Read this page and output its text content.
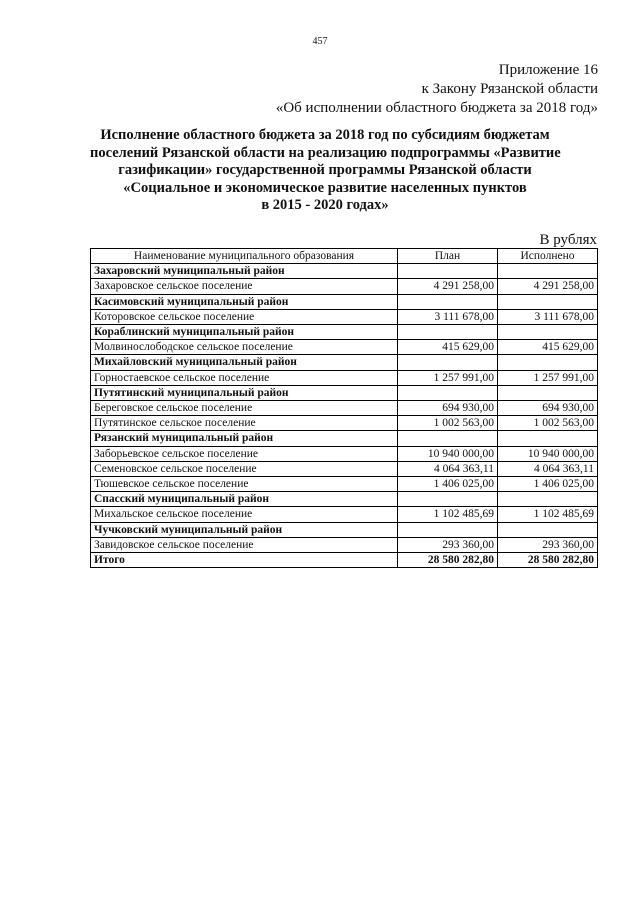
457
Приложение 16
к Закону Рязанской области
«Об исполнении областного бюджета за 2018 год»
Исполнение областного бюджета за 2018 год по субсидиям бюджетам
поселений Рязанской области на реализацию подпрограммы «Развитие
газификации» государственной программы Рязанской области
«Социальное и экономическое развитие населенных пунктов
в 2015 - 2020 годах»
В рублях
Наименование муниципального образования	План	Исполнено
Захаровский муниципальный район		
Захаровское сельское поселение	4 291 258,00	4 291 258,00
Касимовский муниципальный район		
Которовское сельское поселение	3 111 678,00	3 111 678,00
Кораблинский муниципальный район		
Молвинослободское сельское поселение	415 629,00	415 629,00
Михайловский муниципальный район		
Горностаевское сельское поселение	1 257 991,00	1 257 991,00
Путятинский муниципальный район		
Береговское сельское поселение	694 930,00	694 930,00
Путятинское сельское поселение	1 002 563,00	1 002 563,00
Рязанский муниципальный район		
Заборьевское сельское поселение	10 940 000,00	10 940 000,00
Семеновское сельское поселение	4 064 363,11	4 064 363,11
Тюшевское сельское поселение	1 406 025,00	1 406 025,00
Спасский муниципальный район		
Михальское сельское поселение	1 102 485,69	1 102 485,69
Чучковский муниципальный район		
Завидовское сельское поселение	293 360,00	293 360,00
Итого	28 580 282,80	28 580 282,80
